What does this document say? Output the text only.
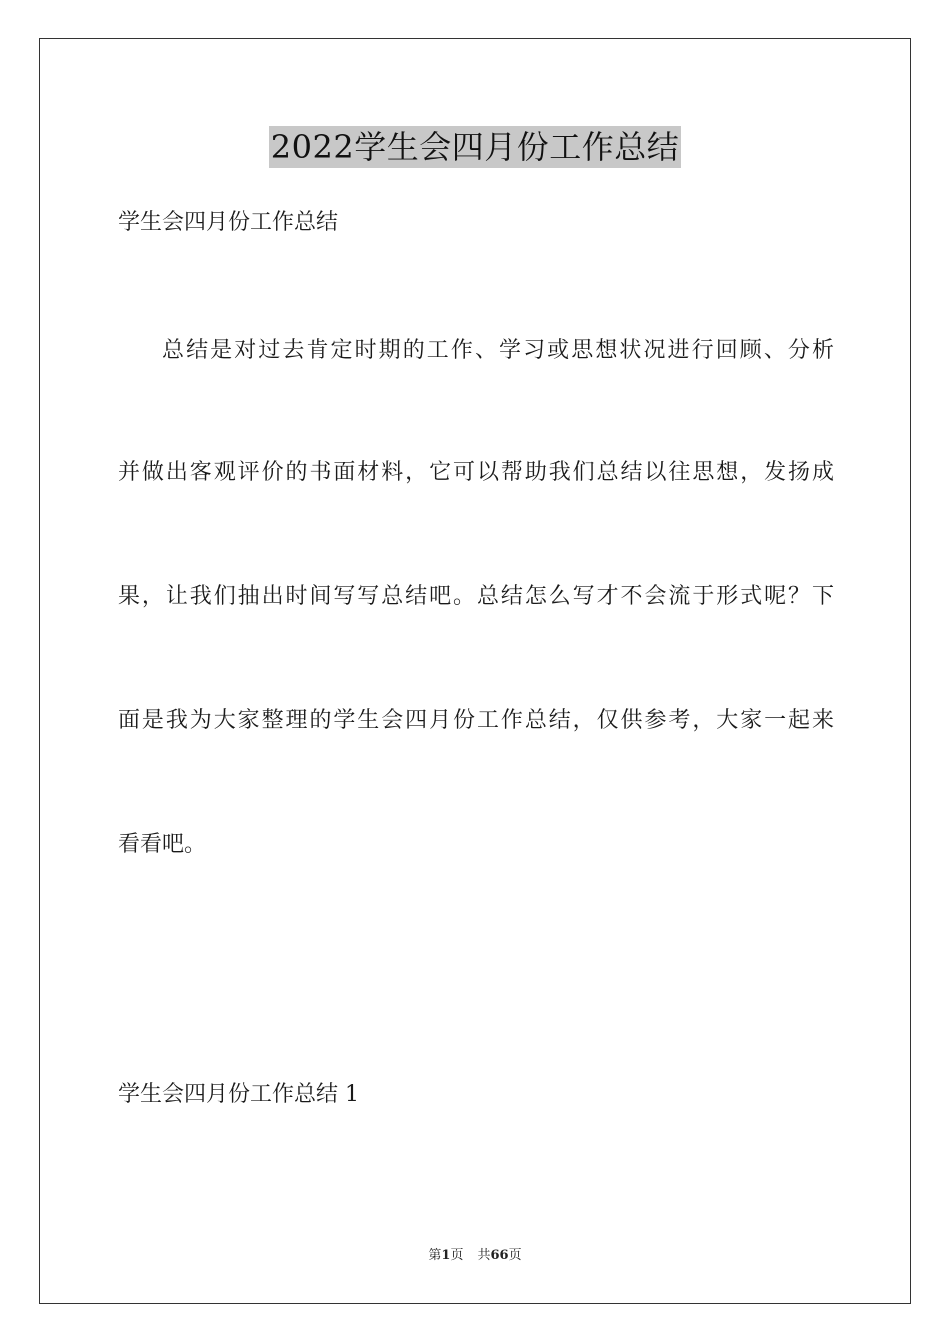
2022学生会四月份工作总结
学生会四月份工作总结
总结是对过去肯定时期的工作、学习或思想状况进行回顾、分析
并做出客观评价的书面材料，它可以帮助我们总结以往思想，发扬成
果，让我们抽出时间写写总结吧。总结怎么写才不会流于形式呢？下
面是我为大家整理的学生会四月份工作总结，仅供参考，大家一起来
看看吧。
学生会四月份工作总结 1
第1页 共66页
